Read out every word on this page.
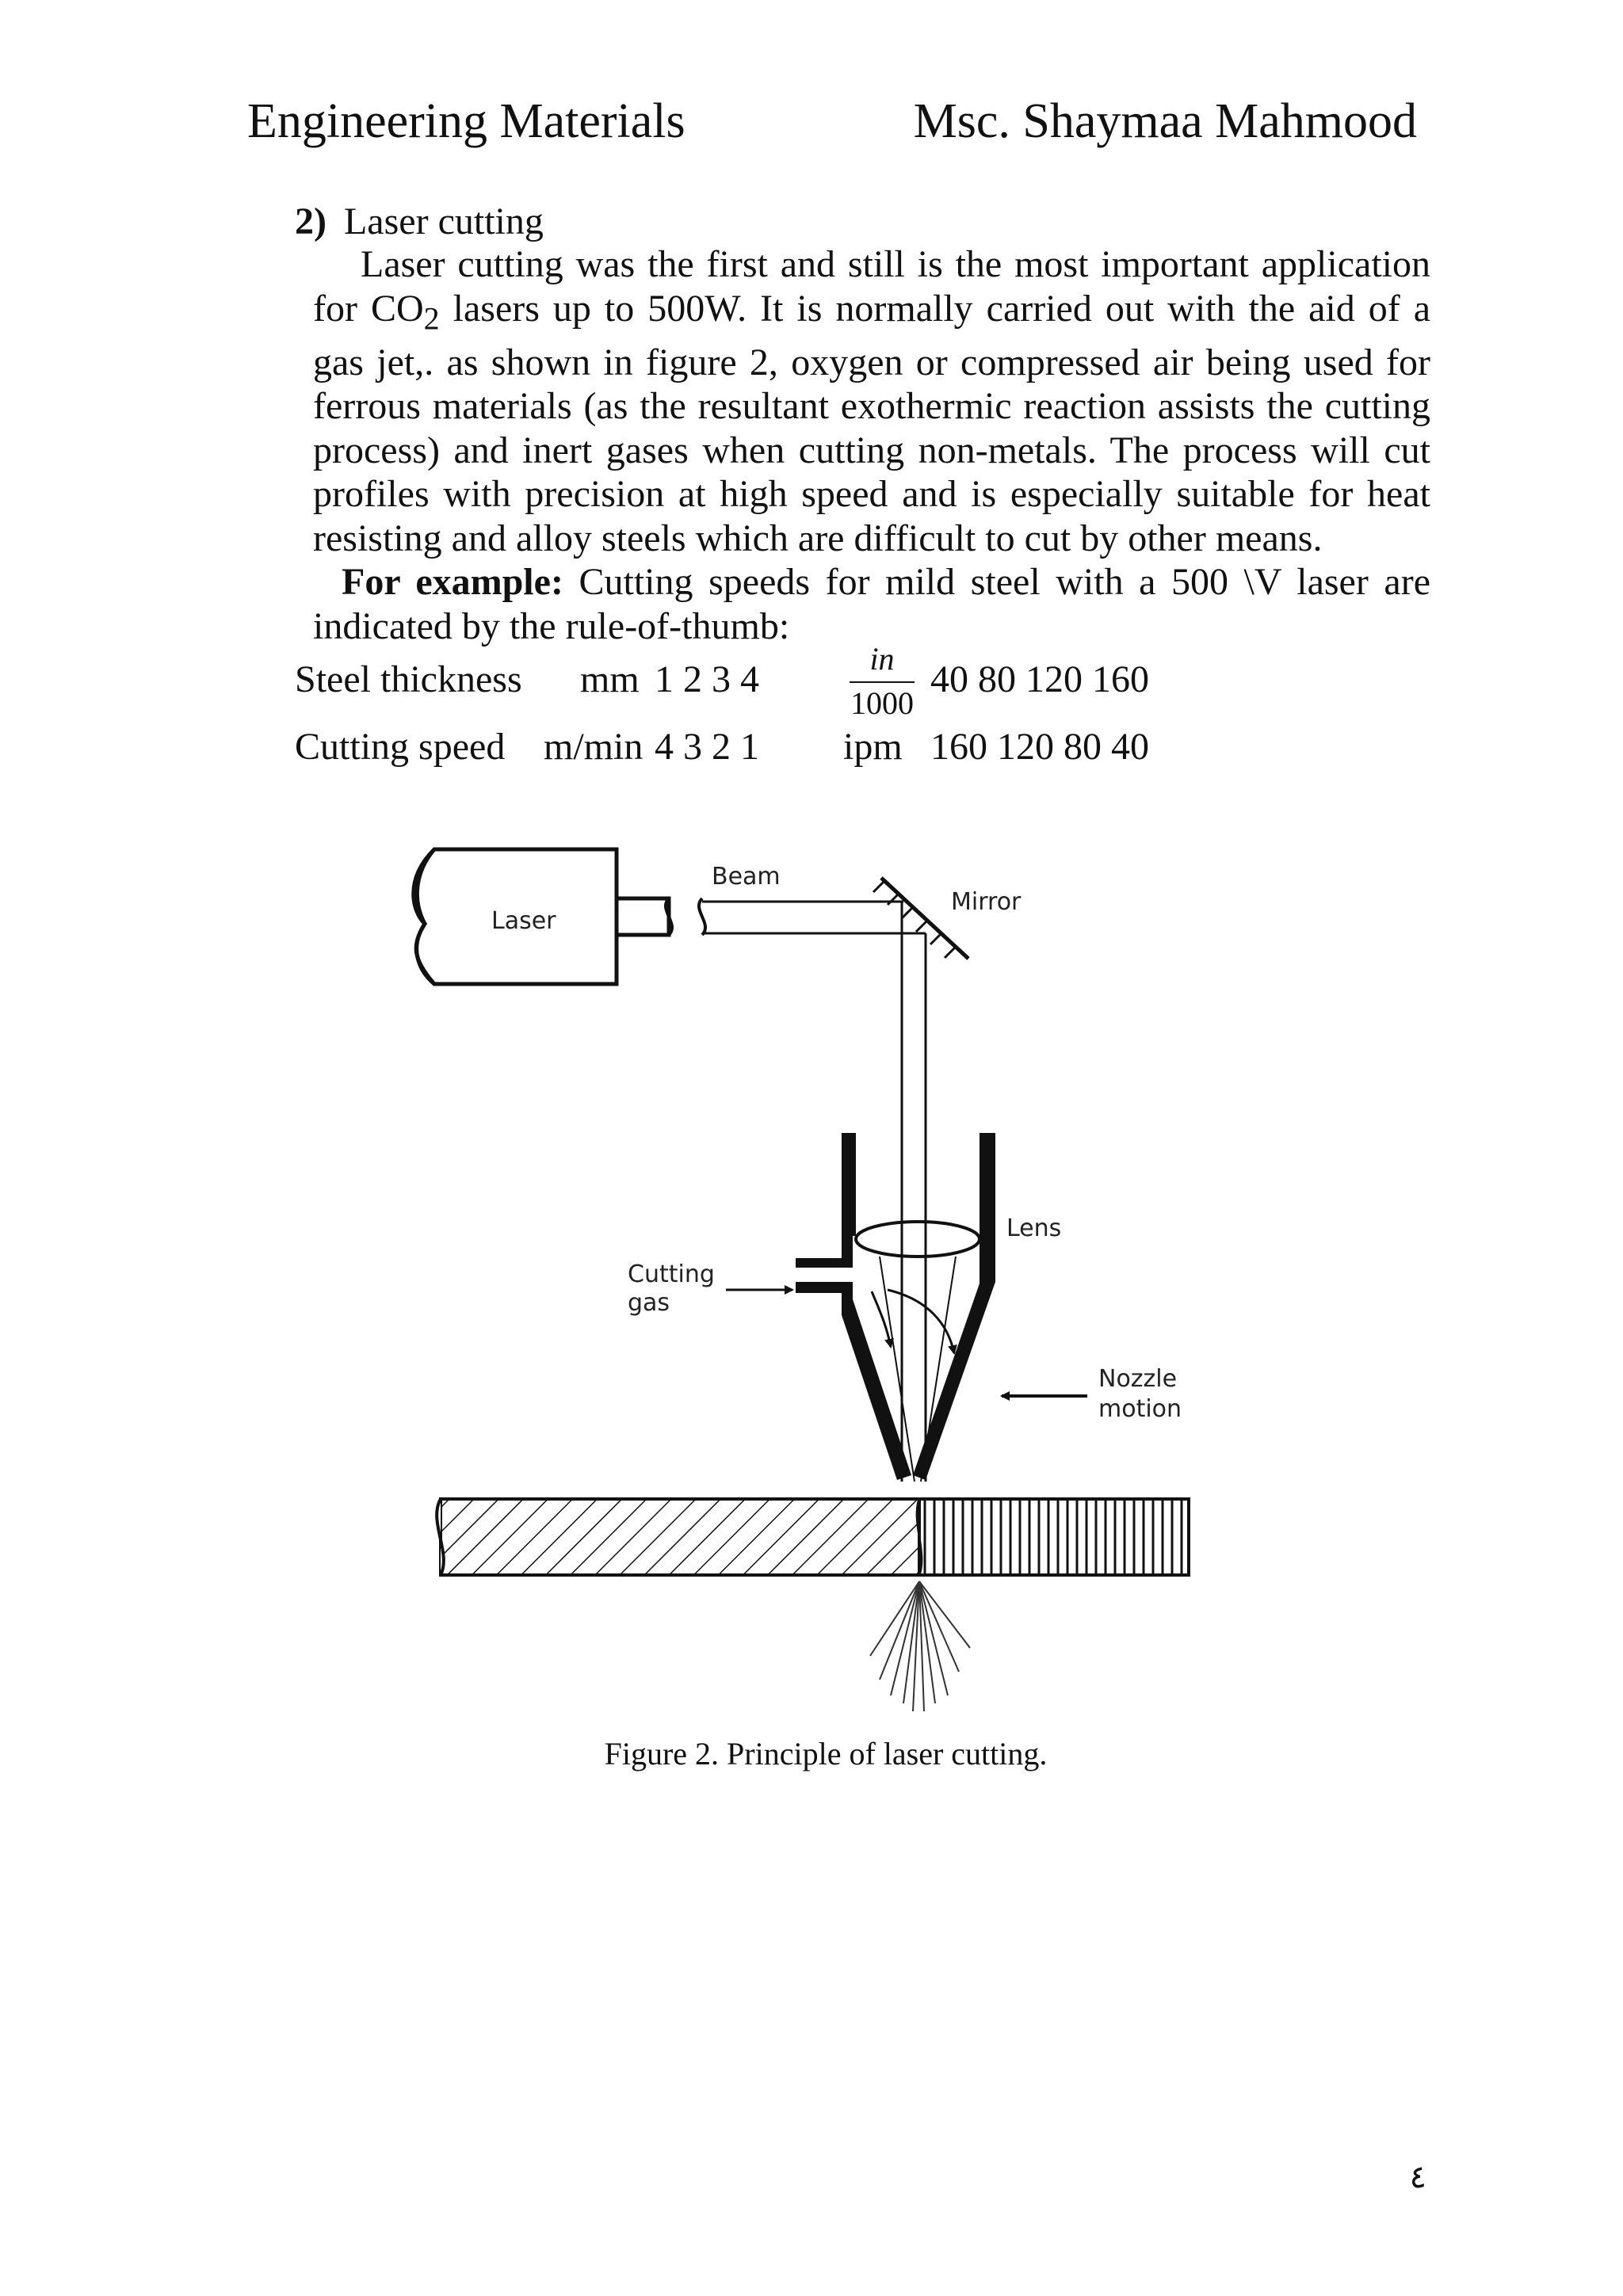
Engineering Materials	Msc. Shaymaa Mahmood
2) Laser cutting

Laser cutting was the first and still is the most important application for $CO_2$ lasers up to 500W. It is normally carried out with the aid of a gas jet,. as shown in figure 2, oxygen or compressed air being used for ferrous materials (as the resultant exothermic reaction assists the cutting process) and inert gases when cutting non-metals. The process will cut profiles with precision at high speed and is especially suitable for heat resisting and alloy steels which are difficult to cut by other means.

For example: Cutting speeds for mild steel with a 500 \V laser are indicated by the rule-of-thumb:

Steel thickness mm 1 2 3 4	in
1000
40 80 120 160
Cutting speed m/min 4 3 2 1 ipm 160 120 80 40
Laser
Beam
Mirror
Lens
Cutting
gas
Nozzle
motion
Figure 2. Principle of laser cutting.
٤
